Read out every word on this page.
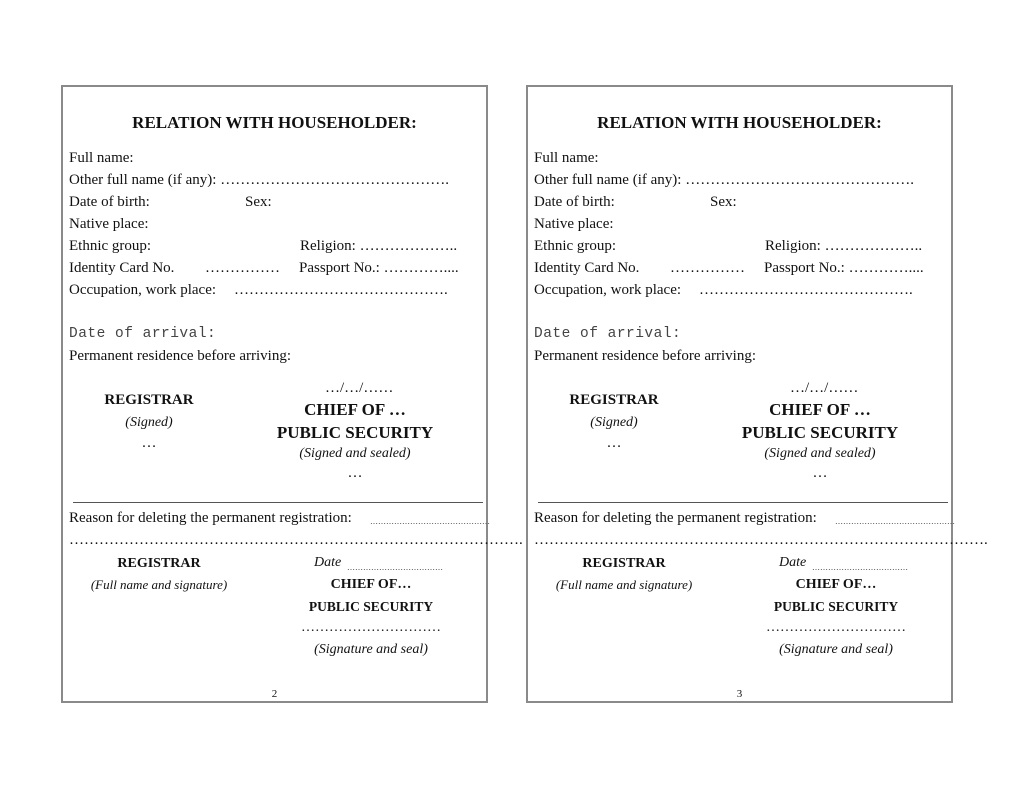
RELATION WITH HOUSEHOLDER:
Full name:
Other full name (if any): ……………………………………….
Date of birth:	Sex:
Native place:
Ethnic group:	Religion: ………………..
Identity Card No. …………… Passport No.: …………....
Occupation, work place: …………………………………….
Date of arrival:
Permanent residence before arriving:
…/…/……
REGISTRAR
(Signed)
…
CHIEF OF …
PUBLIC SECURITY
(Signed and sealed)
…
Reason for deleting the permanent registration: ………………………………………
……………………………………………………………………………….
REGISTRAR
(Full name and signature)
Date ………………………………
CHIEF OF…
PUBLIC SECURITY
…………………………
(Signature and seal)
2
RELATION WITH HOUSEHOLDER:
Full name:
Other full name (if any): ……………………………………….
Date of birth:	Sex:
Native place:
Ethnic group:	Religion: ………………..
Identity Card No. …………… Passport No.: …………....
Occupation, work place: …………………………………….
Date of arrival:
Permanent residence before arriving:
…/…/……
REGISTRAR
(Signed)
…
CHIEF OF …
PUBLIC SECURITY
(Signed and sealed)
…
Reason for deleting the permanent registration: ………………………………………
……………………………………………………………………………….
REGISTRAR
(Full name and signature)
Date ………………………………
CHIEF OF…
PUBLIC SECURITY
…………………………
(Signature and seal)
3
